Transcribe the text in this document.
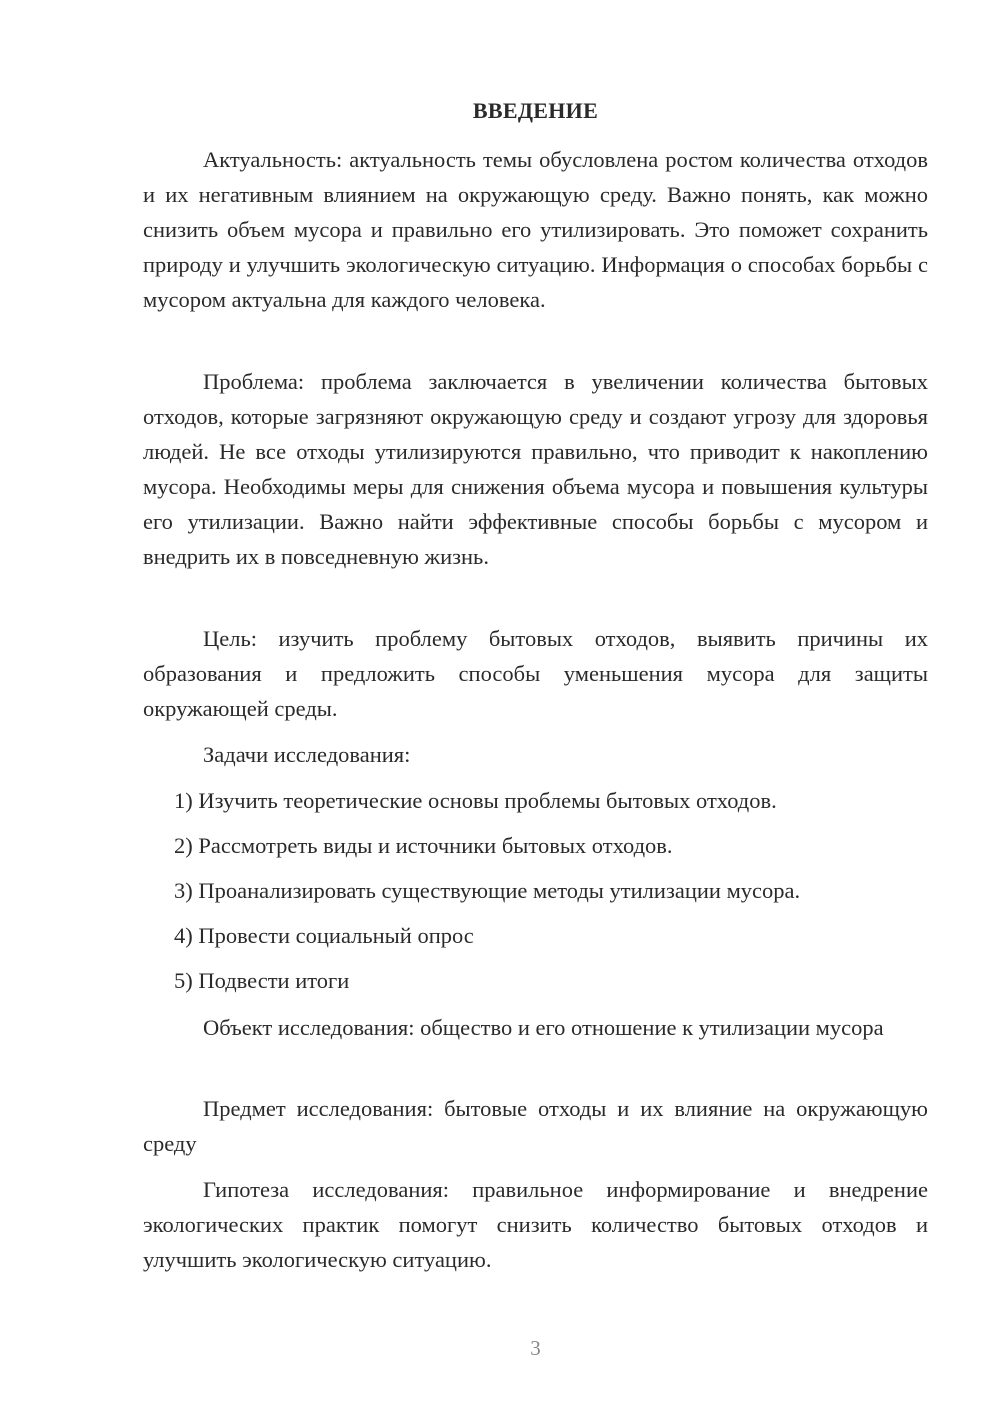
ВВЕДЕНИЕ

Актуальность: актуальность темы обусловлена ростом количества отходов и их негативным влиянием на окружающую среду. Важно понять, как можно снизить объем мусора и правильно его утилизировать. Это поможет сохранить природу и улучшить экологическую ситуацию. Информация о способах борьбы с мусором актуальна для каждого человека.

Проблема: проблема заключается в увеличении количества бытовых отходов, которые загрязняют окружающую среду и создают угрозу для здоровья людей. Не все отходы утилизируются правильно, что приводит к накоплению мусора. Необходимы меры для снижения объема мусора и повышения культуры его утилизации. Важно найти эффективные способы борьбы с мусором и внедрить их в повседневную жизнь.

Цель: изучить проблему бытовых отходов, выявить причины их образования и предложить способы уменьшения мусора для защиты окружающей среды.

Задачи исследования:

1) Изучить теоретические основы проблемы бытовых отходов.
2) Рассмотреть виды и источники бытовых отходов.
3) Проанализировать существующие методы утилизации мусора.
4) Провести социальный опрос
5) Подвести итоги

Объект исследования: общество и его отношение к утилизации мусора

Предмет исследования: бытовые отходы и их влияние на окружающую среду

Гипотеза исследования: правильное информирование и внедрение экологических практик помогут снизить количество бытовых отходов и улучшить экологическую ситуацию.

3
